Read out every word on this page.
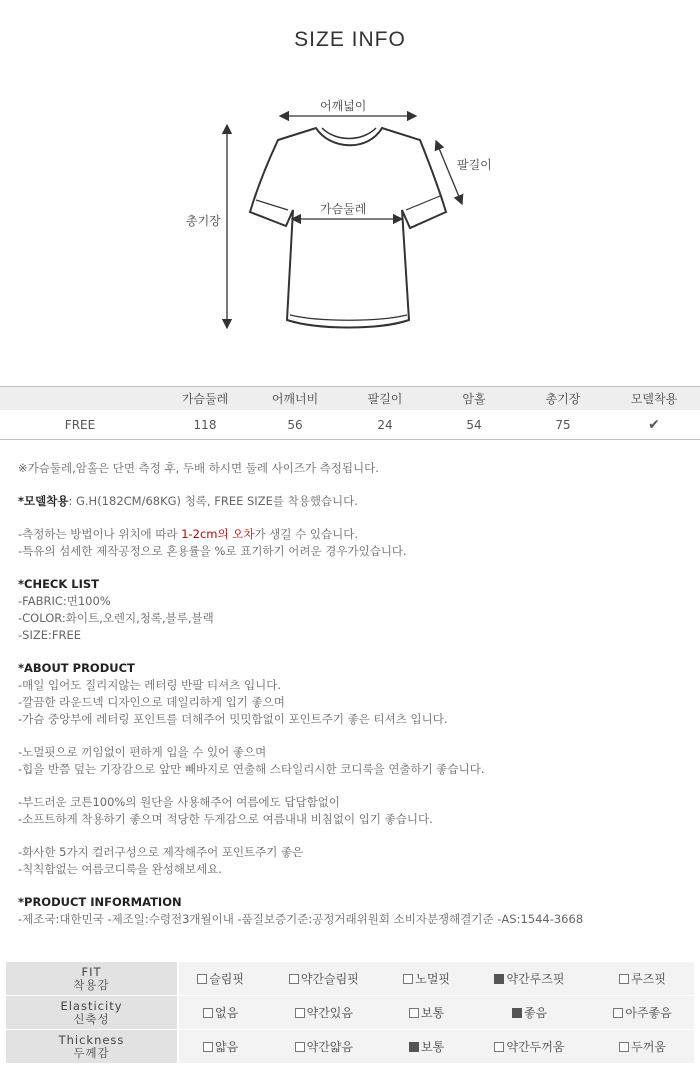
SIZE INFO
어깨넓이
팔길이
가슴둘레
총기장
	가슴둘레	어깨너비	팔길이	암홀	총기장	모델착용
FREE	118	56	24	54	75	✔

※가슴둘레,암홀은 단면 측정 후, 두배 하시면 둘레 사이즈가 측정됩니다.

*모델착용: G.H(182CM/68KG) 청록, FREE SIZE를 착용했습니다.

-측정하는 방법이나 위치에 따라 1-2cm의 오차가 생길 수 있습니다.

-특유의 섬세한 제작공정으로 혼용률을 %로 표기하기 어려운 경우가있습니다.

*CHECK LIST

-FABRIC:면100%

-COLOR:화이트,오렌지,청록,블루,블랙

-SIZE:FREE

*ABOUT PRODUCT

-매일 입어도 질리지않는 레터링 반팔 티셔츠 입니다.

-깔끔한 라운드넥 디자인으로 데일리하게 입기 좋으며

-가슴 중앙부에 레터링 포인트를 더해주어 밋밋함없이 포인트주기 좋은 티셔츠 입니다.

-노멀핏으로 끼임없이 편하게 입을 수 있어 좋으며

-힙을 반쯤 덮는 기장감으로 앞만 빼바지로 연출해 스타일리시한 코디룩을 연출하기 좋습니다.

-부드러운 코튼100%의 원단을 사용해주어 여름에도 답답함없이

-소프트하게 착용하기 좋으며 적당한 두게감으로 여름내내 비침없이 입기 좋습니다.

-화사한 5가지 컬러구성으로 제작해주어 포인트주기 좋은

-칙칙함없는 여름코디룩을 완성해보세요.

*PRODUCT INFORMATION

-제조국:대한민국 -제조일:수령전3개월이내 -품질보증기준:공정거래위원회 소비자분쟁해결기준 -AS:1544-3668

FIT
착용감	슬림핏	약간슬림핏	노멀핏	약간루즈핏	루즈핏
Elasticity
신축성	없음	약간있음	보통	좋음	아주좋음
Thickness
두께감	얇음	약간얇음	보통	약간두꺼움	두꺼움
